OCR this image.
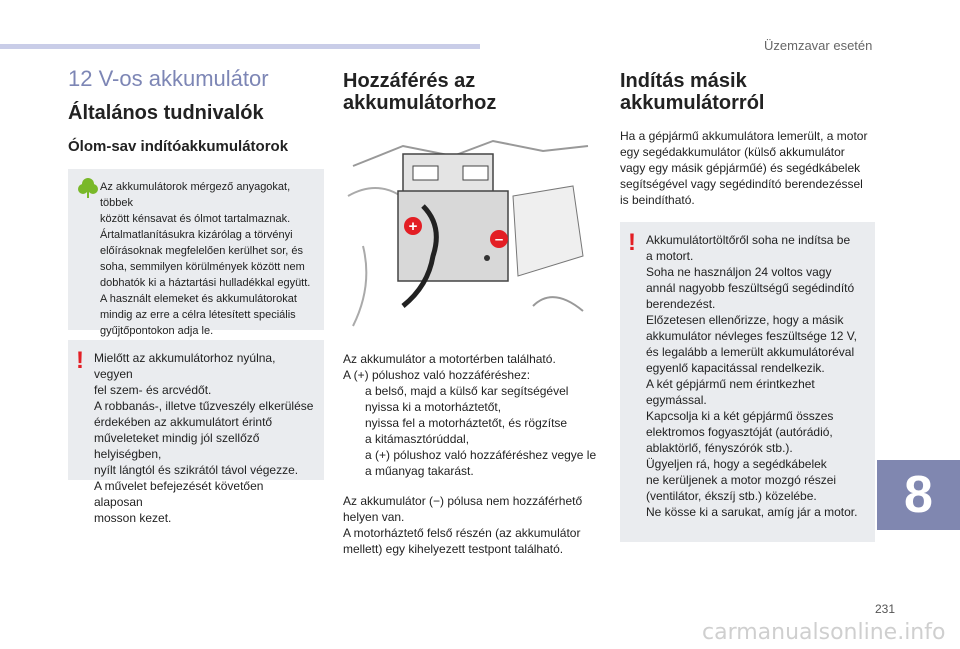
Üzemzavar esetén
12 V-os akkumulátor
Általános tudnivalók
Ólom-sav indítóakkumulátorok
Az akkumulátorok mérgező anyagokat, többek
között kénsavat és ólmot tartalmaznak.
Ártalmatlanításukra kizárólag a törvényi
előírásoknak megfelelően kerülhet sor, és
soha, semmilyen körülmények között nem
dobhatók ki a háztartási hulladékkal együtt.
A használt elemeket és akkumulátorokat
mindig az erre a célra létesített speciális
gyűjtőpontokon adja le.
! Mielőtt az akkumulátorhoz nyúlna, vegyen
fel szem- és arcvédőt.
A robbanás-, illetve tűzveszély elkerülése
érdekében az akkumulátort érintő
műveleteket mindig jól szellőző helyiségben,
nyílt lángtól és szikrától távol végezze.
A művelet befejezését követően alaposan
mosson kezet.
Hozzáférés az akkumulátorhoz
+
–

Az akkumulátor a motortérben található.
A (+) pólushoz való hozzáféréshez:

a belső, majd a külső kar segítségével
nyissa ki a motorháztetőt,
nyissa fel a motorháztetőt, és rögzítse
a kitámasztórúddal,
a (+) pólushoz való hozzáféréshez vegye le
a műanyag takarást.

Az akkumulátor (−) pólusa nem hozzáférhető
helyen van.
A motorháztető felső részén (az akkumulátor
mellett) egy kihelyezett testpont található.

Indítás másik
akkumulátorról

Ha a gépjármű akkumulátora lemerült, a motor
egy segédakkumulátor (külső akkumulátor
vagy egy másik gépjárműé) és segédkábelek
segítségével vagy segédindító berendezéssel
is beindítható.

! Akkumulátortöltőről soha ne indítsa be
a motort.
Soha ne használjon 24 voltos vagy
annál nagyobb feszültségű segédindító
berendezést.
Előzetesen ellenőrizze, hogy a másik
akkumulátor névleges feszültsége 12 V,
és legalább a lemerült akkumulátoréval
egyenlő kapacitással rendelkezik.
A két gépjármű nem érintkezhet
egymással.
Kapcsolja ki a két gépjármű összes
elektromos fogyasztóját (autórádió,
ablaktörlő, fényszórók stb.).
Ügyeljen rá, hogy a segédkábelek
ne kerüljenek a motor mozgó részei
(ventilátor, ékszíj stb.) közelébe.
Ne kösse ki a sarukat, amíg jár a motor. 8
231
carmanualsonline.info
